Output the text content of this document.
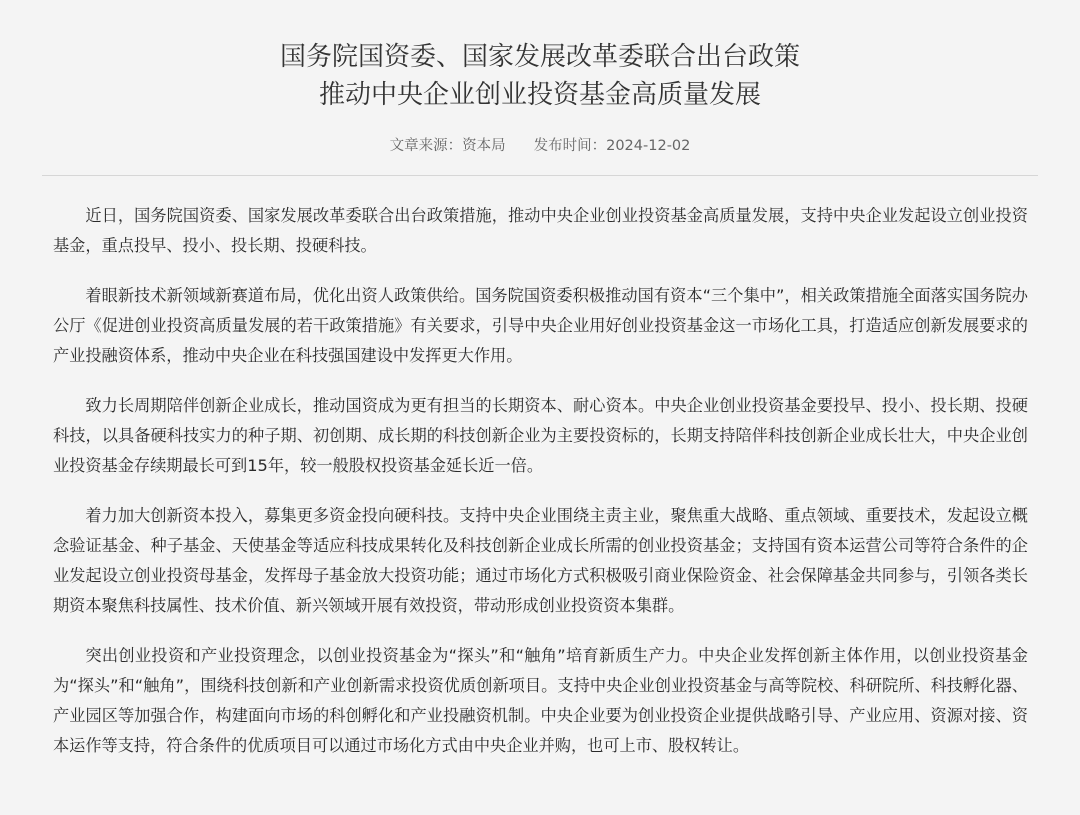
国务院国资委、国家发展改革委联合出台政策
推动中央企业创业投资基金高质量发展
文章来源：资本局 发布时间：2024-12-02

近日，国务院国资委、国家发展改革委联合出台政策措施，推动中央企业创业投资基金高质量发展，支持中央企业发起设立创业投资基金，重点投早、投小、投长期、投硬科技。

着眼新技术新领域新赛道布局，优化出资人政策供给。国务院国资委积极推动国有资本“三个集中”，相关政策措施全面落实国务院办公厅《促进创业投资高质量发展的若干政策措施》有关要求，引导中央企业用好创业投资基金这一市场化工具，打造适应创新发展要求的产业投融资体系，推动中央企业在科技强国建设中发挥更大作用。

致力长周期陪伴创新企业成长，推动国资成为更有担当的长期资本、耐心资本。中央企业创业投资基金要投早、投小、投长期、投硬科技，以具备硬科技实力的种子期、初创期、成长期的科技创新企业为主要投资标的，长期支持陪伴科技创新企业成长壮大，中央企业创业投资基金存续期最长可到15年，较一般股权投资基金延长近一倍。

着力加大创新资本投入，募集更多资金投向硬科技。支持中央企业围绕主责主业，聚焦重大战略、重点领域、重要技术，发起设立概念验证基金、种子基金、天使基金等适应科技成果转化及科技创新企业成长所需的创业投资基金；支持国有资本运营公司等符合条件的企业发起设立创业投资母基金，发挥母子基金放大投资功能；通过市场化方式积极吸引商业保险资金、社会保障基金共同参与，引领各类长期资本聚焦科技属性、技术价值、新兴领域开展有效投资，带动形成创业投资资本集群。

突出创业投资和产业投资理念，以创业投资基金为“探头”和“触角”培育新质生产力。中央企业发挥创新主体作用，以创业投资基金为“探头”和“触角”，围绕科技创新和产业创新需求投资优质创新项目。支持中央企业创业投资基金与高等院校、科研院所、科技孵化器、产业园区等加强合作，构建面向市场的科创孵化和产业投融资机制。中央企业要为创业投资企业提供战略引导、产业应用、资源对接、资本运作等支持，符合条件的优质项目可以通过市场化方式由中央企业并购，也可上市、股权转让。
